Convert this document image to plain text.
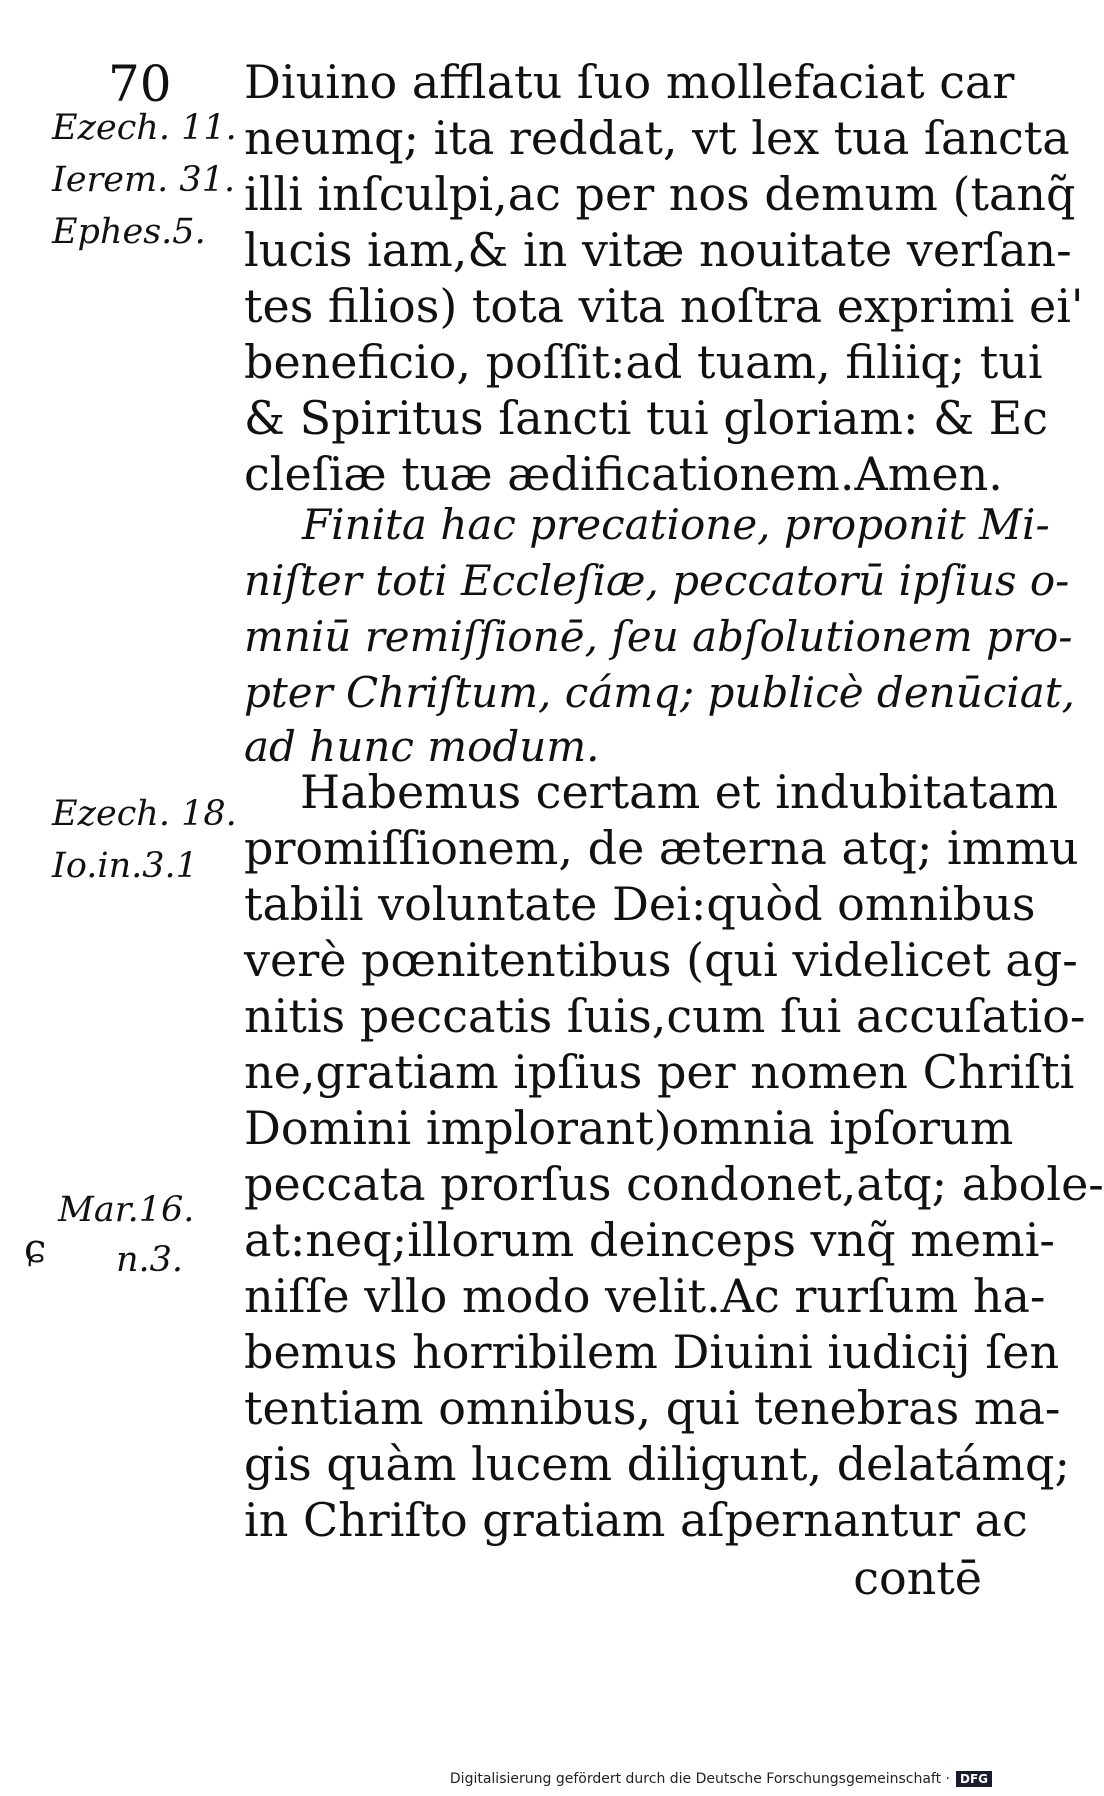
70
Ezech. 11.
Ierem. 31.
Ephes.5.
Ezech. 18.
Io.in.3.1
Mar.16.
n.3.
ɕ
Diuino afflatu ſuo mollefaciat car
neumq; ita reddat, vt lex tua ſancta
illi inſculpi,ac per nos demum (tanq̃
lucis iam,& in vitæ nouitate verſan-
tes filios) tota vita noſtra exprimi ei'
beneficio, poſſit:ad tuam, filiiq; tui
& Spiritus ſancti tui gloriam: & Ec
cleſiæ tuæ ædificationem.Amen.
Finita hac precatione, proponit Mi-
niſter toti Eccleſiæ, peccatorū ipſius o-
mniū remiſſionē, ſeu abſolutionem pro-
pter Chriſtum, cámq; publicè denūciat,
ad hunc modum.
Habemus certam et indubitatam
promiſſionem, de æterna atq; immu
tabili voluntate Dei:quòd omnibus
verè pœnitentibus (qui videlicet ag-
nitis peccatis ſuis,cum ſui accuſatio-
ne,gratiam ipſius per nomen Chriſti
Domini implorant)omnia ipſorum
peccata prorſus condonet,atq; abole-
at:neq;illorum deinceps vnq̃ memi-
niſſe vllo modo velit.Ac rurſum ha-
bemus horribilem Diuini iudicij ſen
tentiam omnibus, qui tenebras ma-
gis quàm lucem diligunt, delatámq;
in Chriſto gratiam aſpernantur ac
contē
Digitalisierung gefördert durch die Deutsche Forschungsgemeinschaft · DFG
